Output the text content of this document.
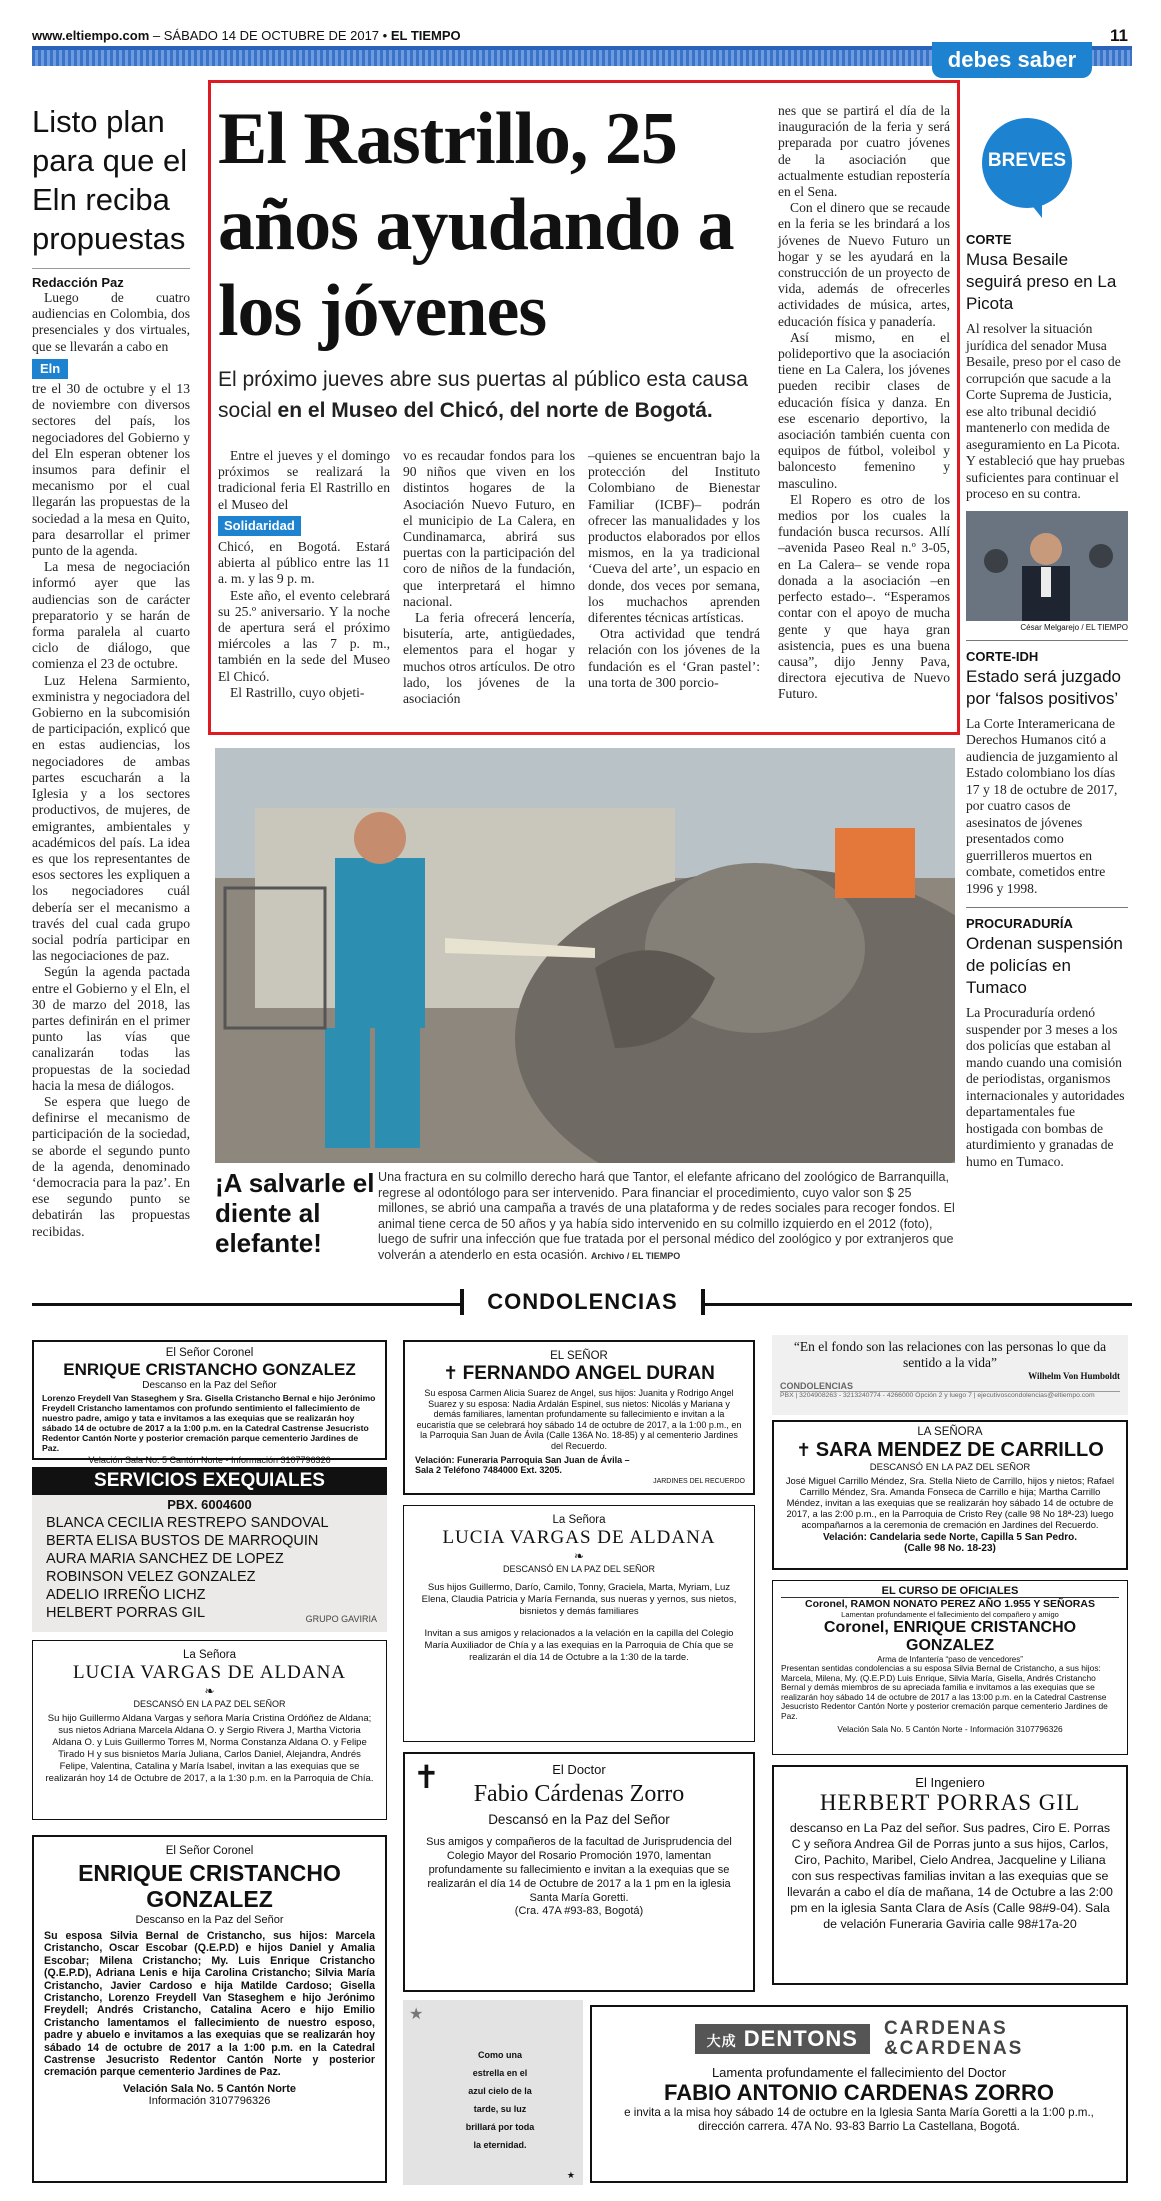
www.eltiempo.com – SÁBADO 14 DE OCTUBRE DE 2017 • EL TIEMPO	11
debes saber
Listo plan para que el Eln reciba propuestas
Redacción Paz

Luego de cuatro audiencias en Colombia, dos presenciales y dos virtuales, que se llevarán a cabo en

Eln

tre el 30 de octubre y el 13 de noviembre con diversos sectores del país, los negociadores del Gobierno y del Eln esperan obtener los insumos para definir el mecanismo por el cual llegarán las propuestas de la sociedad a la mesa en Quito, para desarrollar el primer punto de la agenda.

La mesa de negociación informó ayer que las audiencias son de carácter preparatorio y se harán de forma paralela al cuarto ciclo de diálogo, que comienza el 23 de octubre.

Luz Helena Sarmiento, exministra y negociadora del Gobierno en la subcomisión de participación, explicó que en estas audiencias, los negociadores de ambas partes escucharán a la Iglesia y a los sectores productivos, de mujeres, de emigrantes, ambientales y académicos del país. La idea es que los representantes de esos sectores les expliquen a los negociadores cuál debería ser el mecanismo a través del cual cada grupo social podría participar en las negociaciones de paz.

Según la agenda pactada entre el Gobierno y el Eln, el 30 de marzo del 2018, las partes definirán en el primer punto las vías que canalizarán todas las propuestas de la sociedad hacia la mesa de diálogos.

Se espera que luego de definirse el mecanismo de participación de la sociedad, se aborde el segundo punto de la agenda, denominado ‘democracia para la paz’. En ese segundo punto se debatirán las propuestas recibidas.

El Rastrillo, 25 años ayudando a los jóvenes
El próximo jueves abre sus puertas al público esta causa social en el Museo del Chicó, del norte de Bogotá.

Entre el jueves y el domingo próximos se realizará la tradicional feria El Rastrillo en el Museo del

Solidaridad

Chicó, en Bogotá. Estará abierta al público entre las 11 a. m. y las 9 p. m.

Este año, el evento celebrará su 25.º aniversario. Y la noche de apertura será el próximo miércoles a las 7 p. m., también en la sede del Museo El Chicó.

El Rastrillo, cuyo objeti-

vo es recaudar fondos para los 90 niños que viven en los distintos hogares de la Asociación Nuevo Futuro, en el municipio de La Calera, en Cundinamarca, abrirá sus puertas con la participación del coro de niños de la fundación, que interpretará el himno nacional.

La feria ofrecerá lencería, bisutería, arte, antigüedades, elementos para el hogar y muchos otros artículos. De otro lado, los jóvenes de la asociación

–quienes se encuentran bajo la protección del Instituto Colombiano de Bienestar Familiar (ICBF)– podrán ofrecer las manualidades y los productos elaborados por ellos mismos, en la ya tradicional ‘Cueva del arte’, un espacio en donde, dos veces por semana, los muchachos aprenden diferentes técnicas artísticas.

Otra actividad que tendrá relación con los jóvenes de la fundación es el ‘Gran pastel’: una torta de 300 porcio-

nes que se partirá el día de la inauguración de la feria y será preparada por cuatro jóvenes de la asociación que actualmente estudian repostería en el Sena.

Con el dinero que se recaude en la feria se les brindará a los jóvenes de Nuevo Futuro un hogar y se les ayudará en la construcción de un proyecto de vida, además de ofrecerles actividades de música, artes, educación física y panadería.

Así mismo, en el polideportivo que la asociación tiene en La Calera, los jóvenes pueden recibir clases de educación física y danza. En ese escenario deportivo, la asociación también cuenta con equipos de fútbol, voleibol y baloncesto femenino y masculino.

El Ropero es otro de los medios por los cuales la fundación busca recursos. Allí –avenida Paseo Real n.º 3-05, en La Calera– se vende ropa donada a la asociación –en perfecto estado–. “Esperamos contar con el apoyo de mucha gente y que haya gran asistencia, pues es una buena causa”, dijo Jenny Pava, directora ejecutiva de Nuevo Futuro.

¡A salvarle el diente al elefante!
Una fractura en su colmillo derecho hará que Tantor, el elefante africano del zoológico de Barranquilla, regrese al odontólogo para ser intervenido. Para financiar el procedimiento, cuyo valor son $ 25 millones, se abrió una campaña a través de una plataforma y de redes sociales para recoger fondos. El animal tiene cerca de 50 años y ya había sido intervenido en su colmillo izquierdo en el 2012 (foto), luego de sufrir una infección que fue tratada por el personal médico del zoológico y por extranjeros que volverán a atenderlo en esta ocasión. Archivo / EL TIEMPO
BREVES
CORTE
Musa Besaile seguirá preso en La Picota
Al resolver la situación jurídica del senador Musa Besaile, preso por el caso de corrupción que sacude a la Corte Suprema de Justicia, ese alto tribunal decidió mantenerlo con medida de aseguramiento en La Picota. Y estableció que hay pruebas suficientes para continuar el proceso en su contra.
César Melgarejo / EL TIEMPO
CORTE-IDH
Estado será juzgado por ‘falsos positivos’
La Corte Interamericana de Derechos Humanos citó a audiencia de juzgamiento al Estado colombiano los días 17 y 18 de octubre de 2017, por cuatro casos de asesinatos de jóvenes presentados como guerrilleros muertos en combate, cometidos entre 1996 y 1998.
PROCURADURÍA
Ordenan suspensión de policías en Tumaco
La Procuraduría ordenó suspender por 3 meses a los dos policías que estaban al mando cuando una comisión de periodistas, organismos internacionales y autoridades departamentales fue hostigada con bombas de aturdimiento y granadas de humo en Tumaco.
CONDOLENCIAS
El Señor Coronel
ENRIQUE CRISTANCHO GONZALEZ
Descanso en la Paz del Señor
Lorenzo Freydell Van Staseghem y Sra. Gisella Cristancho Bernal e hijo Jerónimo Freydell Cristancho lamentamos con profundo sentimiento el fallecimiento de nuestro padre, amigo y tata e invitamos a las exequias que se realizarán hoy sábado 14 de octubre de 2017 a la 1:00 p.m. en la Catedral Castrense Jesucristo Redentor Cantón Norte y posterior cremación parque cementerio Jardines de Paz.
Velación Sala No. 5 Cantón Norte - Información 3107796326
SERVICIOS EXEQUIALES
PBX. 6004600
BLANCA CECILIA RESTREPO SANDOVAL
BERTA ELISA BUSTOS DE MARROQUIN
AURA MARIA SANCHEZ DE LOPEZ
ROBINSON VELEZ GONZALEZ
ADELIO IRREÑO LICHZ
HELBERT PORRAS GIL	GRUPO GAVIRIA
La Señora
LUCIA VARGAS DE ALDANA
❧
DESCANSÓ EN LA PAZ DEL SEÑOR
Su hijo Guillermo Aldana Vargas y señora María Cristina Ordóñez de Aldana; sus nietos Adriana Marcela Aldana O. y Sergio Rivera J, Martha Victoria Aldana O. y Luis Guillermo Torres M, Norma Constanza Aldana O. y Felipe Tirado H y sus bisnietos María Juliana, Carlos Daniel, Alejandra, Andrés Felipe, Valentina, Catalina y María Isabel, invitan a las exequias que se realizarán hoy 14 de Octubre de 2017, a la 1:30 p.m. en la Parroquia de Chía.
El Señor Coronel
ENRIQUE CRISTANCHO GONZALEZ
Descanso en la Paz del Señor
Su esposa Silvia Bernal de Cristancho, sus hijos: Marcela Cristancho, Oscar Escobar (Q.E.P.D) e hijos Daniel y Amalia Escobar; Milena Cristancho; My. Luis Enrique Cristancho (Q.E.P.D), Adriana Lenis e hija Carolina Cristancho; Silvia María Cristancho, Javier Cardoso e hija Matilde Cardoso; Gisella Cristancho, Lorenzo Freydell Van Staseghem e hijo Jerónimo Freydell; Andrés Cristancho, Catalina Acero e hijo Emilio Cristancho lamentamos el fallecimiento de nuestro esposo, padre y abuelo e invitamos a las exequias que se realizarán hoy sábado 14 de octubre de 2017 a la 1:00 p.m. en la Catedral Castrense Jesucristo Redentor Cantón Norte y posterior cremación parque cementerio Jardines de Paz.
Velación Sala No. 5 Cantón Norte
Información 3107796326
EL SEÑOR
✝ FERNANDO ANGEL DURAN
Su esposa Carmen Alicia Suarez de Angel, sus hijos: Juanita y Rodrigo Angel Suarez y su esposa: Nadia Ardalán Espinel, sus nietos: Nicolás y Mariana y demás familiares, lamentan profundamente su fallecimiento e invitan a la eucaristía que se celebrará hoy sábado 14 de octubre de 2017, a la 1:00 p.m., en la Parroquia San Juan de Ávila (Calle 136A No. 18-85) y al cementerio Jardines del Recuerdo.
Velación: Funeraria Parroquia San Juan de Ávila – Sala 2 Teléfono 7484000 Ext. 3205.
JARDINES DEL RECUERDO
La Señora
LUCIA VARGAS DE ALDANA
❧
DESCANSÓ EN LA PAZ DEL SEÑOR
Sus hijos Guillermo, Darío, Camilo, Tonny, Graciela, Marta, Myriam, Luz Elena, Claudia Patricia y María Fernanda, sus nueras y yernos, sus nietos, bisnietos y demás familiares
Invitan a sus amigos y relacionados a la velación en la capilla del Colegio María Auxiliador de Chía y a las exequias en la Parroquia de Chía que se realizarán el día 14 de Octubre a la 1:30 de la tarde.
✝	El Doctor
Fabio Cárdenas Zorro
Descansó en la Paz del Señor
Sus amigos y compañeros de la facultad de Jurisprudencia del Colegio Mayor del Rosario Promoción 1970, lamentan profundamente su fallecimiento e invitan a la exequias que se realizarán el día 14 de Octubre de 2017 a la 1 pm en la iglesia Santa María Goretti.
(Cra. 47A #93-83, Bogotá)
★
Como una estrella en el azul cielo de la tarde, su luz brillará por toda la eternidad.
★
“En el fondo son las relaciones con las personas lo que da sentido a la vida”
Wilhelm Von Humboldt
CONDOLENCIAS
PBX | 3204908263 - 3213240774 - 4266000 Opción 2 y luego 7 | ejecutivoscondolencias@eltiempo.com
LA SEÑORA
✝ SARA MENDEZ DE CARRILLO
DESCANSÓ EN LA PAZ DEL SEÑOR
José Miguel Carrillo Méndez, Sra. Stella Nieto de Carrillo, hijos y nietos; Rafael Carrillo Méndez, Sra. Amanda Fonseca de Carrillo e hija; Martha Carrillo Méndez, invitan a las exequias que se realizarán hoy sábado 14 de octubre de 2017, a las 2:00 p.m., en la Parroquia de Cristo Rey (calle 98 No 18ª-23) luego acompañarnos a la ceremonia de cremación en Jardines del Recuerdo.
Velación: Candelaria sede Norte, Capilla 5 San Pedro.
(Calle 98 No. 18-23)
EL CURSO DE OFICIALES
Coronel, RAMON NONATO PEREZ AÑO 1.955 Y SEÑORAS
Lamentan profundamente el fallecimiento del compañero y amigo
Coronel, ENRIQUE CRISTANCHO GONZALEZ
Arma de Infantería “paso de vencedores”
Presentan sentidas condolencias a su esposa Silvia Bernal de Cristancho, a sus hijos: Marcela, Milena, My. (Q.E.P.D) Luis Enrique, Silvia María, Gisella, Andrés Cristancho Bernal y demás miembros de su apreciada familia e invitamos a las exequias que se realizarán hoy sábado 14 de octubre de 2017 a las 13:00 p.m. en la Catedral Castrense Jesucristo Redentor Cantón Norte y posterior cremación parque cementerio Jardines de Paz.
Velación Sala No. 5 Cantón Norte - Información 3107796326
El Ingeniero
HERBERT PORRAS GIL
descanso en La Paz del señor. Sus padres, Ciro E. Porras C y señora Andrea Gil de Porras junto a sus hijos, Carlos, Ciro, Pachito, Maribel, Cielo Andrea, Jacqueline y Liliana con sus respectivas familias invitan a las exequias que se llevarán a cabo el día de mañana, 14 de Octubre a las 2:00 pm en la iglesia Santa Clara de Asís (Calle 98#9-04). Sala de velación Funeraria Gaviria calle 98#17a-20
大成 DENTONS	CARDENAS
&CARDENAS
Lamenta profundamente el fallecimiento del Doctor
FABIO ANTONIO CARDENAS ZORRO
e invita a la misa hoy sábado 14 de octubre en la Iglesia Santa María Goretti a la 1:00 p.m., dirección carrera. 47A No. 93-83 Barrio La Castellana, Bogotá.
